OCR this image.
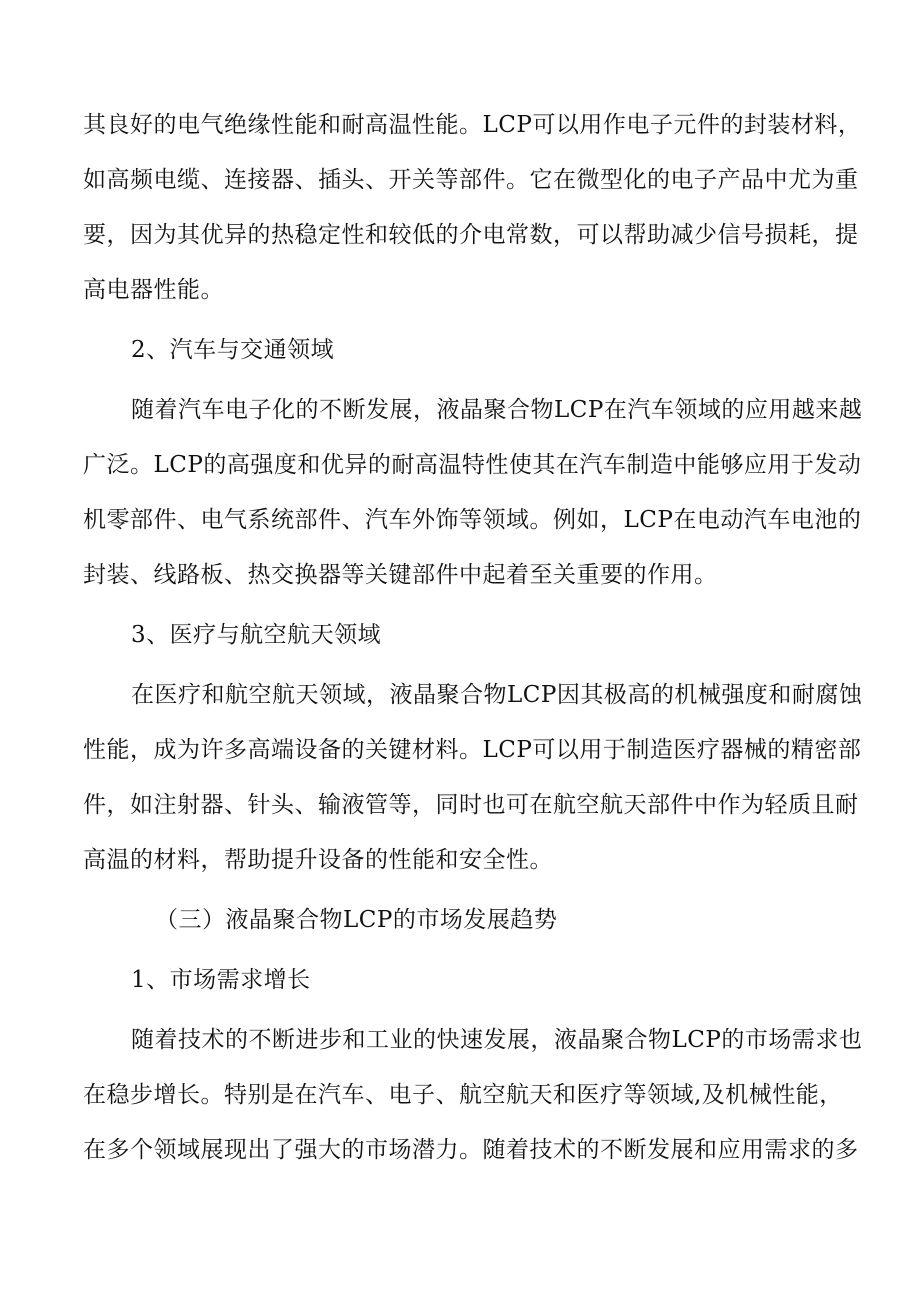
其良好的电气绝缘性能和耐高温性能。LCP可以用作电子元件的封装材料，
如高频电缆、连接器、插头、开关等部件。它在微型化的电子产品中尤为重
要，因为其优异的热稳定性和较低的介电常数，可以帮助减少信号损耗，提
高电器性能。
2、汽车与交通领域
随着汽车电子化的不断发展，液晶聚合物LCP在汽车领域的应用越来越
广泛。LCP的高强度和优异的耐高温特性使其在汽车制造中能够应用于发动
机零部件、电气系统部件、汽车外饰等领域。例如，LCP在电动汽车电池的
封装、线路板、热交换器等关键部件中起着至关重要的作用。
3、医疗与航空航天领域
在医疗和航空航天领域，液晶聚合物LCP因其极高的机械强度和耐腐蚀
性能，成为许多高端设备的关键材料。LCP可以用于制造医疗器械的精密部
件，如注射器、针头、输液管等，同时也可在航空航天部件中作为轻质且耐
高温的材料，帮助提升设备的性能和安全性。
（三）液晶聚合物LCP的市场发展趋势
1、市场需求增长
随着技术的不断进步和工业的快速发展，液晶聚合物LCP的市场需求也
在稳步增长。特别是在汽车、电子、航空航天和医疗等领域,及机械性能，
在多个领域展现出了强大的市场潜力。随着技术的不断发展和应用需求的多
